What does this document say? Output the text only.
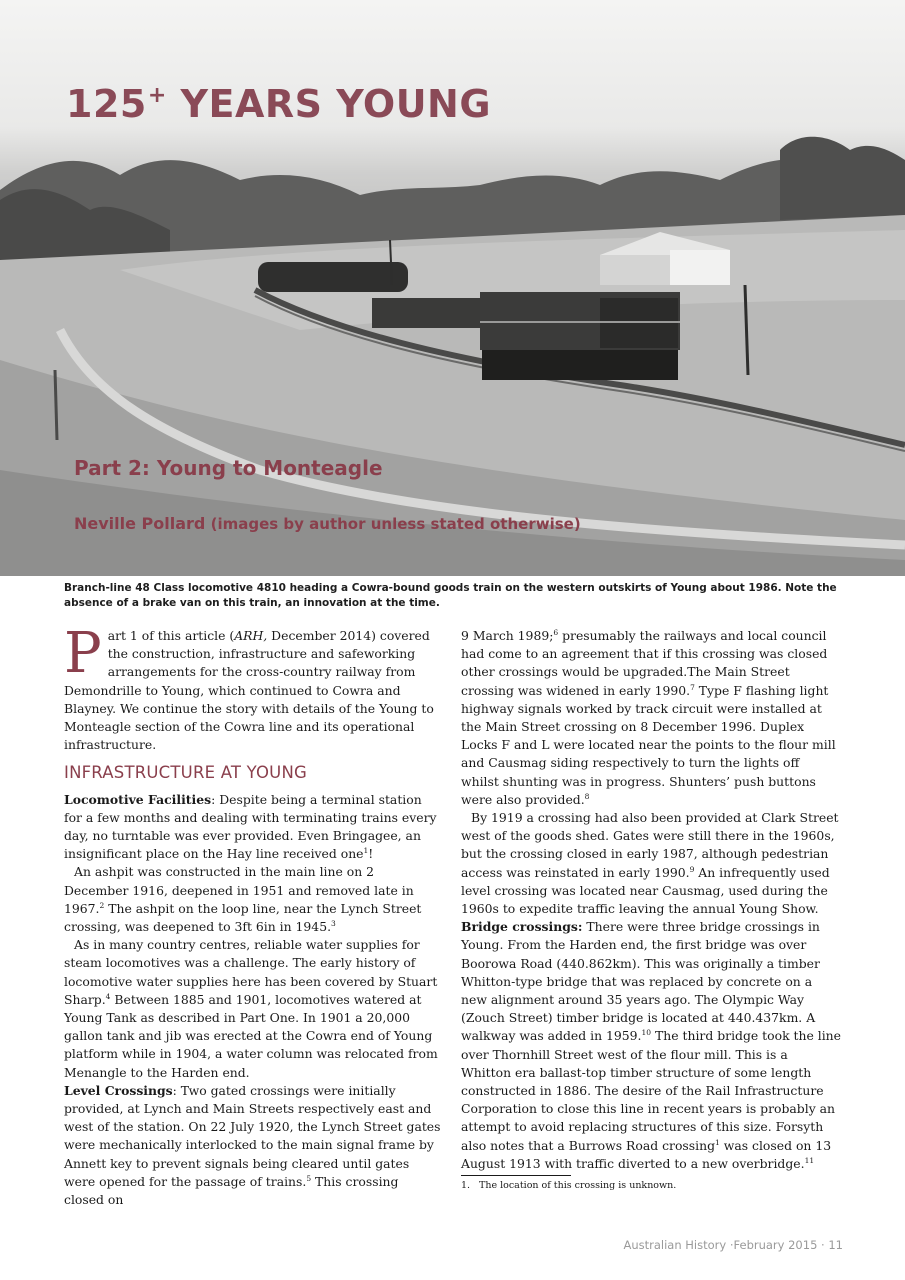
125+ YEARS YOUNG
Part 2: Young to Monteagle
Neville Pollard (images by author unless stated otherwise)

Branch-line 48 Class locomotive 4810 heading a Cowra-bound goods train on the western outskirts of Young about 1986. Note the absence of a brake van on this train, an innovation at the time.

Part 1 of this article (ARH, December 2014) covered the construction, infrastructure and safeworking arrangements for the cross-country railway from Demondrille to Young, which continued to Cowra and Blayney. We continue the story with details of the Young to Monteagle section of the Cowra line and its operational infrastructure.

INFRASTRUCTURE AT YOUNG

Locomotive Facilities: Despite being a terminal station for a few months and dealing with terminating trains every day, no turntable was ever provided. Even Bringagee, an insignificant place on the Hay line received one$^1$!

An ashpit was constructed in the main line on 2 December 1916, deepened in 1951 and removed late in 1967.$^2$ The ashpit on the loop line, near the Lynch Street crossing, was deepened to 3ft 6in in 1945.$^3$

As in many country centres, reliable water supplies for steam locomotives was a challenge. The early history of locomotive water supplies here has been covered by Stuart Sharp.$^4$ Between 1885 and 1901, locomotives watered at Young Tank as described in Part One. In 1901 a 20,000 gallon tank and jib was erected at the Cowra end of Young platform while in 1904, a water column was relocated from Menangle to the Harden end.

Level Crossings: Two gated crossings were initially provided, at Lynch and Main Streets respectively east and west of the station. On 22 July 1920, the Lynch Street gates were mechanically interlocked to the main signal frame by Annett key to prevent signals being cleared until gates were opened for the passage of trains.$^5$ This crossing closed on

9 March 1989;$^6$ presumably the railways and local council had come to an agreement that if this crossing was closed other crossings would be upgraded.The Main Street crossing was widened in early 1990.$^7$ Type F flashing light highway signals worked by track circuit were installed at the Main Street crossing on 8 December 1996. Duplex Locks F and L were located near the points to the flour mill and Causmag siding respectively to turn the lights off whilst shunting was in progress. Shunters’ push buttons were also provided.$^8$

By 1919 a crossing had also been provided at Clark Street west of the goods shed. Gates were still there in the 1960s, but the crossing closed in early 1987, although pedestrian access was reinstated in early 1990.$^9$ An infrequently used level crossing was located near Causmag, used during the 1960s to expedite traffic leaving the annual Young Show.

Bridge crossings: There were three bridge crossings in Young. From the Harden end, the first bridge was over Boorowa Road (440.862km). This was originally a timber Whitton-type bridge that was replaced by concrete on a new alignment around 35 years ago. The Olympic Way (Zouch Street) timber bridge is located at 440.437km. A walkway was added in 1959.10 The third bridge took the line over Thornhill Street west of the flour mill. This is a Whitton era ballast-top timber structure of some length constructed in 1886. The desire of the Rail Infrastructure Corporation to close this line in recent years is probably an attempt to avoid replacing structures of this size. Forsyth also notes that a Burrows Road crossing$^1$ was closed on 13 August 1913 with traffic diverted to a new overbridge.$^{11}$

1. The location of this crossing is unknown.
Australian History ·February 2015 · 11
